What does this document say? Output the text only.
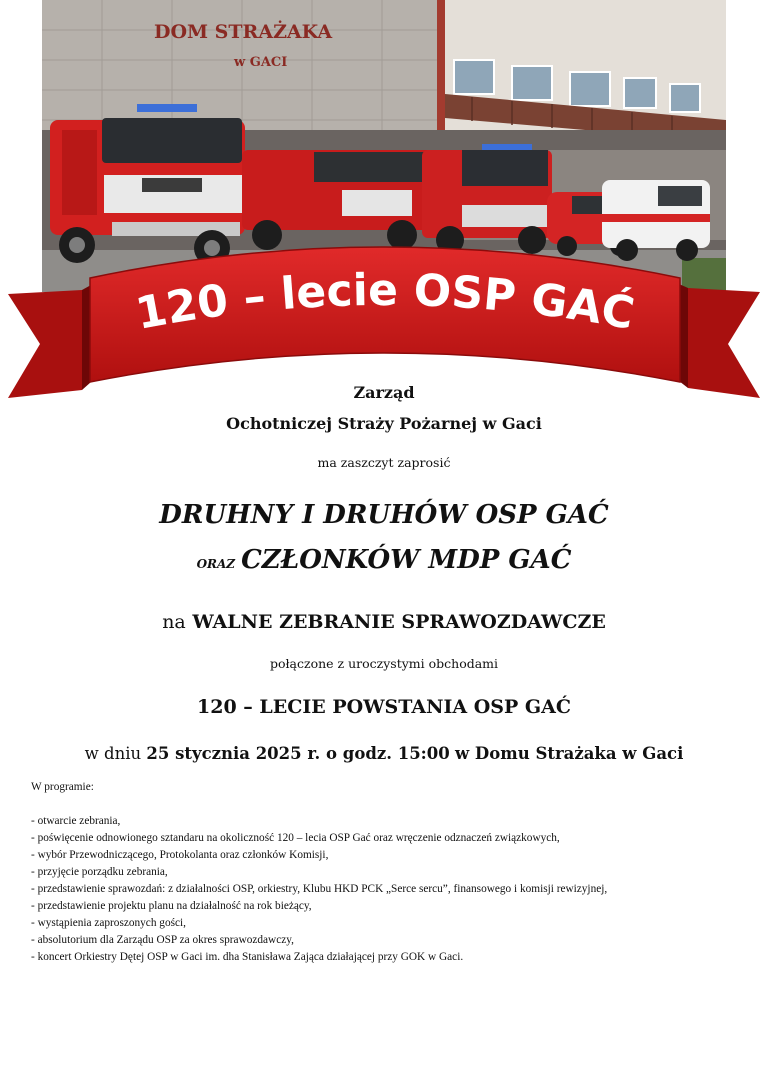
DOM STRAŻAKA
w GACI
120 – lecie OSP GAĆ
Zarząd
Ochotniczej Straży Pożarnej w Gaci
ma zaszczyt zaprosić
DRUHNY I DRUHÓW OSP GAĆ
ORAZ CZŁONKÓW MDP GAĆ
na WALNE ZEBRANIE SPRAWOZDAWCZE
połączone z uroczystymi obchodami
120 – LECIE POWSTANIA OSP GAĆ
w dniu 25 stycznia 2025 r. o godz. 15:00 w Domu Strażaka w Gaci
W programie:
- otwarcie zebrania,
- poświęcenie odnowionego sztandaru na okoliczność 120 – lecia OSP Gać oraz wręczenie odznaczeń związkowych,
- wybór Przewodniczącego, Protokolanta oraz członków Komisji,
- przyjęcie porządku zebrania,
- przedstawienie sprawozdań: z działalności OSP, orkiestry, Klubu HKD PCK „Serce sercu”, finansowego i komisji rewizyjnej,
- przedstawienie projektu planu na działalność na rok bieżący,
- wystąpienia zaproszonych gości,
- absolutorium dla Zarządu OSP za okres sprawozdawczy,
- koncert Orkiestry Dętej OSP w Gaci im. dha Stanisława Zająca działającej przy GOK w Gaci.
